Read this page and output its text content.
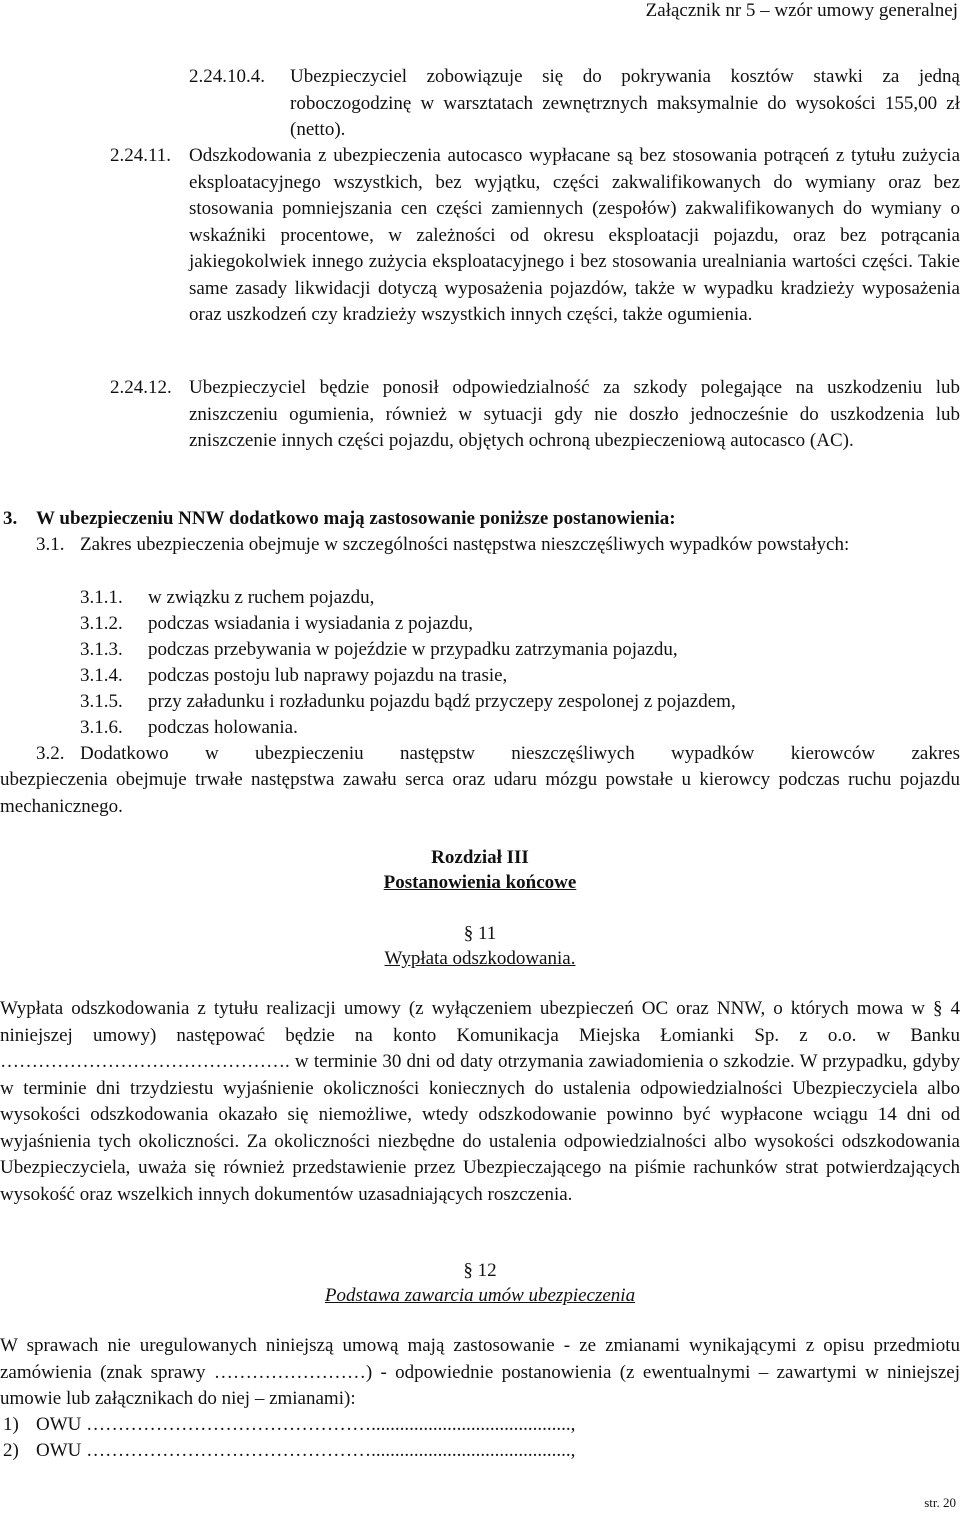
Załącznik nr 5 – wzór umowy generalnej
2.24.10.4. Ubezpieczyciel zobowiązuje się do pokrywania kosztów stawki za jedną roboczogodzinę w warsztatach zewnętrznych maksymalnie do wysokości 155,00 zł (netto).

2.24.11. Odszkodowania z ubezpieczenia autocasco wypłacane są bez stosowania potrąceń z tytułu zużycia eksploatacyjnego wszystkich, bez wyjątku, części zakwalifikowanych do wymiany oraz bez stosowania pomniejszania cen części zamiennych (zespołów) zakwalifikowanych do wymiany o wskaźniki procentowe, w zależności od okresu eksploatacji pojazdu, oraz bez potrącania jakiegokolwiek innego zużycia eksploatacyjnego i bez stosowania urealniania wartości części. Takie same zasady likwidacji dotyczą wyposażenia pojazdów, także w wypadku kradzieży wyposażenia oraz uszkodzeń czy kradzieży wszystkich innych części, także ogumienia.

2.24.12. Ubezpieczyciel będzie ponosił odpowiedzialność za szkody polegające na uszkodzeniu lub zniszczeniu ogumienia, również w sytuacji gdy nie doszło jednocześnie do uszkodzenia lub zniszczenie innych części pojazdu, objętych ochroną ubezpieczeniową autocasco (AC).

3. W ubezpieczeniu NNW dodatkowo mają zastosowanie poniższe postanowienia:
3.1. Zakres ubezpieczenia obejmuje w szczególności następstwa nieszczęśliwych wypadków powstałych:

3.1.1. w związku z ruchem pojazdu,
3.1.2. podczas wsiadania i wysiadania z pojazdu,
3.1.3. podczas przebywania w pojeździe w przypadku zatrzymania pojazdu,
3.1.4. podczas postoju lub naprawy pojazdu na trasie,
3.1.5. przy załadunku i rozładunku pojazdu bądź przyczepy zespolonej z pojazdem,
3.1.6. podczas holowania.
3.2. Dodatkowo w ubezpieczeniu następstw nieszczęśliwych wypadków kierowców zakres

ubezpieczenia obejmuje trwałe następstwa zawału serca oraz udaru mózgu powstałe u kierowcy podczas ruchu pojazdu mechanicznego.

Rozdział III
Postanowienia końcowe
§ 11
Wypłata odszkodowania.

Wypłata odszkodowania z tytułu realizacji umowy (z wyłączeniem ubezpieczeń OC oraz NNW, o których mowa w § 4 niniejszej umowy) następować będzie na konto Komunikacja Miejska Łomianki Sp. z o.o. w Banku ………………………………………. w terminie 30 dni od daty otrzymania zawiadomienia o szkodzie. W przypadku, gdyby w terminie dni trzydziestu wyjaśnienie okoliczności koniecznych do ustalenia odpowiedzialności Ubezpieczyciela albo wysokości odszkodowania okazało się niemożliwe, wtedy odszkodowanie powinno być wypłacone wciągu 14 dni od wyjaśnienia tych okoliczności. Za okoliczności niezbędne do ustalenia odpowiedzialności albo wysokości odszkodowania Ubezpieczyciela, uważa się również przedstawienie przez Ubezpieczającego na piśmie rachunków strat potwierdzających wysokość oraz wszelkich innych dokumentów uzasadniających roszczenia.

§ 12
Podstawa zawarcia umów ubezpieczenia

W sprawach nie uregulowanych niniejszą umową mają zastosowanie - ze zmianami wynikającymi z opisu przedmiotu zamówienia (znak sprawy ……………………) - odpowiednie postanowienia (z ewentualnymi – zawartymi w niniejszej umowie lub załącznikach do niej – zmianami):

1) OWU ………………………………………..........................................,
2) OWU ………………………………………..........................................,
str. 20
